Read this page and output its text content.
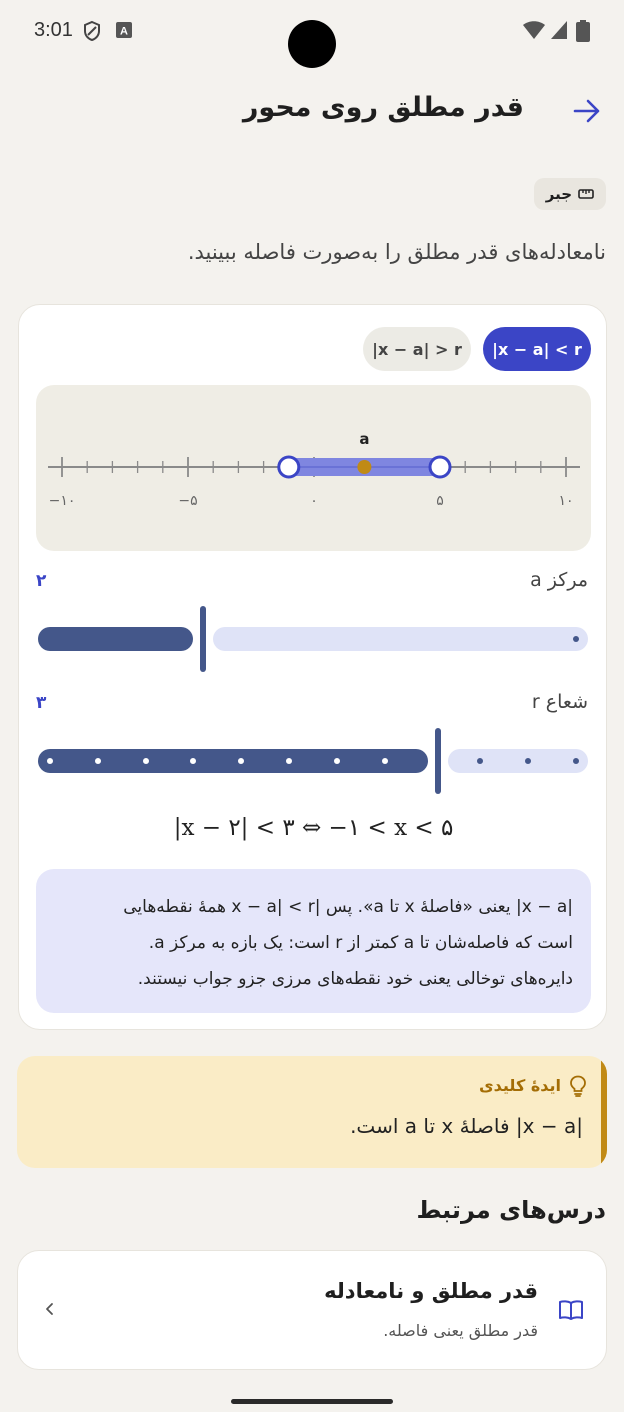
3:01	A
قدر مطلق روی محور
جبر
نامعادله‌های قدر مطلق را به‌صورت فاصله ببینید.
|x − a| < r
|x − a| > r
−۱۰	−۵	۰	۵	۱۰
a
مرکز a
۲
شعاع r
۳
|x − ۲| < ۳ ⇔ −۱ < x < ۵
|x − a| یعنی «فاصلهٔ x تا a». پس |x − a| < r همهٔ نقطه‌هایی
است که فاصله‌شان تا a کمتر از r است: یک بازه به مرکز a.
دایره‌های توخالی یعنی خود نقطه‌های مرزی جزو جواب نیستند.
ایدهٔ کلیدی
|x − a| فاصلهٔ x تا a است.
درس‌های مرتبط
قدر مطلق و نامعادله
قدر مطلق یعنی فاصله.
